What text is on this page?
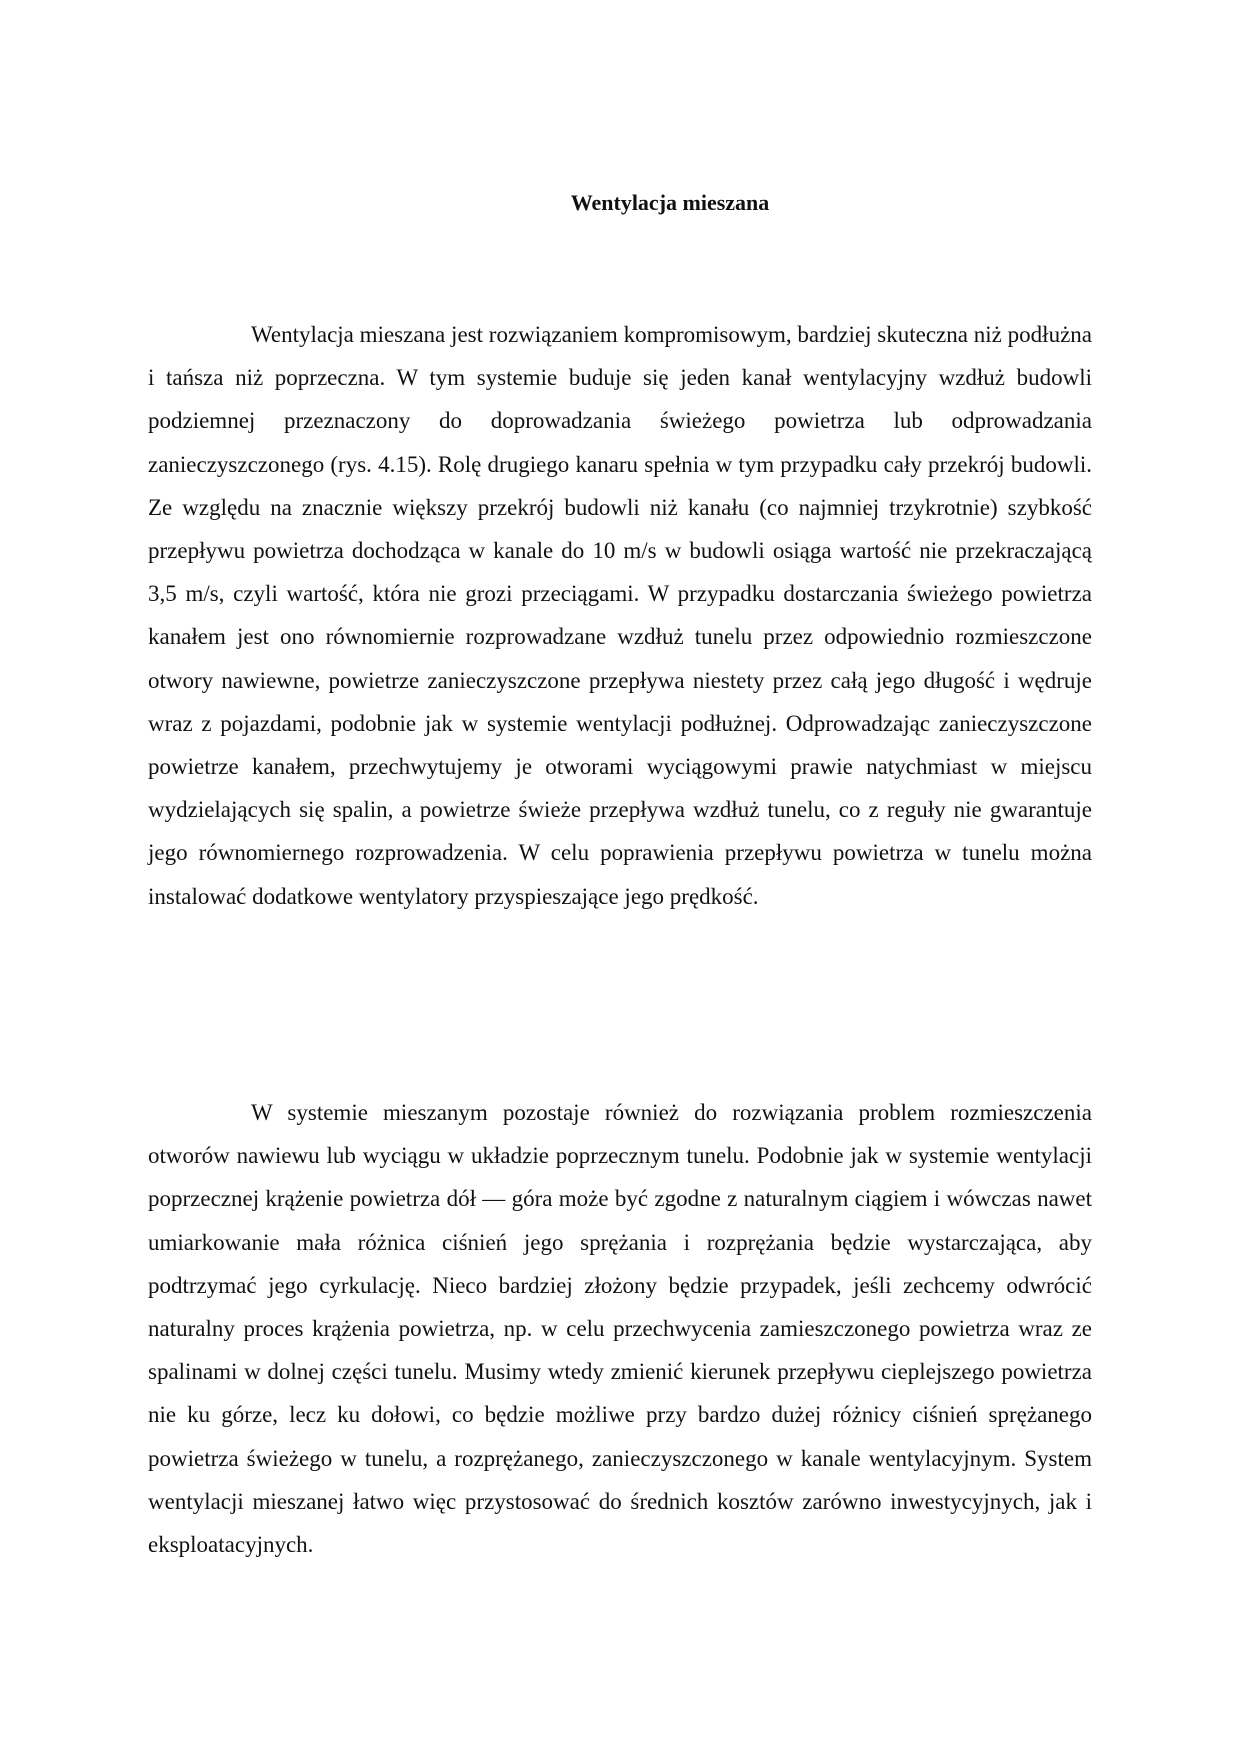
Wentylacja mieszana

Wentylacja mieszana jest rozwiązaniem kompromisowym, bardziej skuteczna niż podłużna i tańsza niż poprzeczna. W tym systemie buduje się jeden kanał wentylacyjny wzdłuż budowli podziemnej przeznaczony do doprowadzania świeżego powietrza lub odprowadzania zanieczyszczonego (rys. 4.15). Rolę drugiego kanaru spełnia w tym przypadku cały przekrój budowli. Ze względu na znacznie większy przekrój budowli niż kanału (co najmniej trzykrotnie) szybkość przepływu powietrza dochodząca w kanale do 10 m/s w budowli osiąga wartość nie przekraczającą 3,5 m/s, czyli wartość, która nie grozi przeciągami. W przypadku dostarczania świeżego powietrza kanałem jest ono równomiernie rozprowadzane wzdłuż tunelu przez odpowiednio rozmieszczone otwory nawiewne, powietrze zanieczyszczone przepływa niestety przez całą jego długość i wędruje wraz z pojazdami, podobnie jak w systemie wentylacji podłużnej. Odprowadzając zanieczyszczone powietrze kanałem, przechwytujemy je otworami wyciągowymi prawie natychmiast w miejscu wydzielających się spalin, a powietrze świeże przepływa wzdłuż tunelu, co z reguły nie gwarantuje jego równomiernego rozprowadzenia. W celu poprawienia przepływu powietrza w tunelu można instalować dodatkowe wentylatory przyspieszające jego prędkość.

W systemie mieszanym pozostaje również do rozwiązania problem rozmieszczenia otworów nawiewu lub wyciągu w układzie poprzecznym tunelu. Podobnie jak w systemie wentylacji poprzecznej krążenie powietrza dół — góra może być zgodne z naturalnym ciągiem i wówczas nawet umiarkowanie mała różnica ciśnień jego sprężania i rozprężania będzie wystarczająca, aby podtrzymać jego cyrkulację. Nieco bardziej złożony będzie przypadek, jeśli zechcemy odwrócić naturalny proces krążenia powietrza, np. w celu przechwycenia zamieszczonego powietrza wraz ze spalinami w dolnej części tunelu. Musimy wtedy zmienić kierunek przepływu cieplejszego powietrza nie ku górze, lecz ku dołowi, co będzie możliwe przy bardzo dużej różnicy ciśnień sprężanego powietrza świeżego w tunelu, a rozprężanego, zanieczyszczonego w kanale wentylacyjnym. System wentylacji mieszanej łatwo więc przystosować do średnich kosztów zarówno inwestycyjnych, jak i eksploatacyjnych.
